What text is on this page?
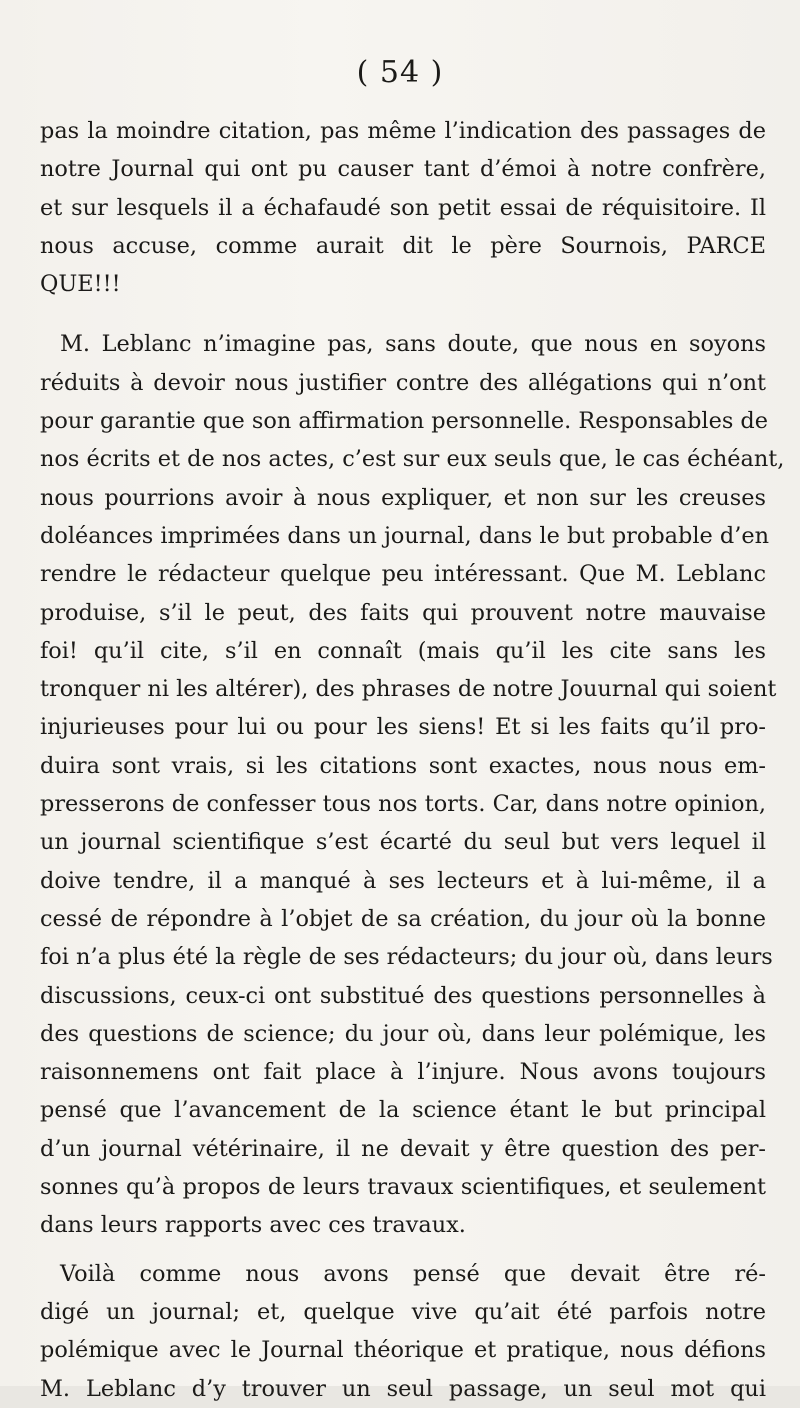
( 54 )
pas la moindre citation, pas même l’indication des passages de
notre Journal qui ont pu causer tant d’émoi à notre confrère,
et sur lesquels il a échafaudé son petit essai de réquisitoire. Il
nous accuse, comme aurait dit le père Sournois, PARCE
QUE!!!
M. Leblanc n’imagine pas, sans doute, que nous en soyons
réduits à devoir nous justifier contre des allégations qui n’ont
pour garantie que son affirmation personnelle. Responsables de
nos écrits et de nos actes, c’est sur eux seuls que, le cas échéant,
nous pourrions avoir à nous expliquer, et non sur les creuses
doléances imprimées dans un journal, dans le but probable d’en
rendre le rédacteur quelque peu intéressant. Que M. Leblanc
produise, s’il le peut, des faits qui prouvent notre mauvaise
foi! qu’il cite, s’il en connaît (mais qu’il les cite sans les
tronquer ni les altérer), des phrases de notre Jouurnal qui soient
injurieuses pour lui ou pour les siens! Et si les faits qu’il pro-
duira sont vrais, si les citations sont exactes, nous nous em-
presserons de confesser tous nos torts. Car, dans notre opinion,
un journal scientifique s’est écarté du seul but vers lequel il
doive tendre, il a manqué à ses lecteurs et à lui-même, il a
cessé de répondre à l’objet de sa création, du jour où la bonne
foi n’a plus été la règle de ses rédacteurs; du jour où, dans leurs
discussions, ceux-ci ont substitué des questions personnelles à
des questions de science; du jour où, dans leur polémique, les
raisonnemens ont fait place à l’injure. Nous avons toujours
pensé que l’avancement de la science étant le but principal
d’un journal vétérinaire, il ne devait y être question des per-
sonnes qu’à propos de leurs travaux scientifiques, et seulement
dans leurs rapports avec ces travaux.
Voilà comme nous avons pensé que devait être ré-
digé un journal; et, quelque vive qu’ait été parfois notre
polémique avec le Journal théorique et pratique, nous défions
M. Leblanc d’y trouver un seul passage, un seul mot qui
